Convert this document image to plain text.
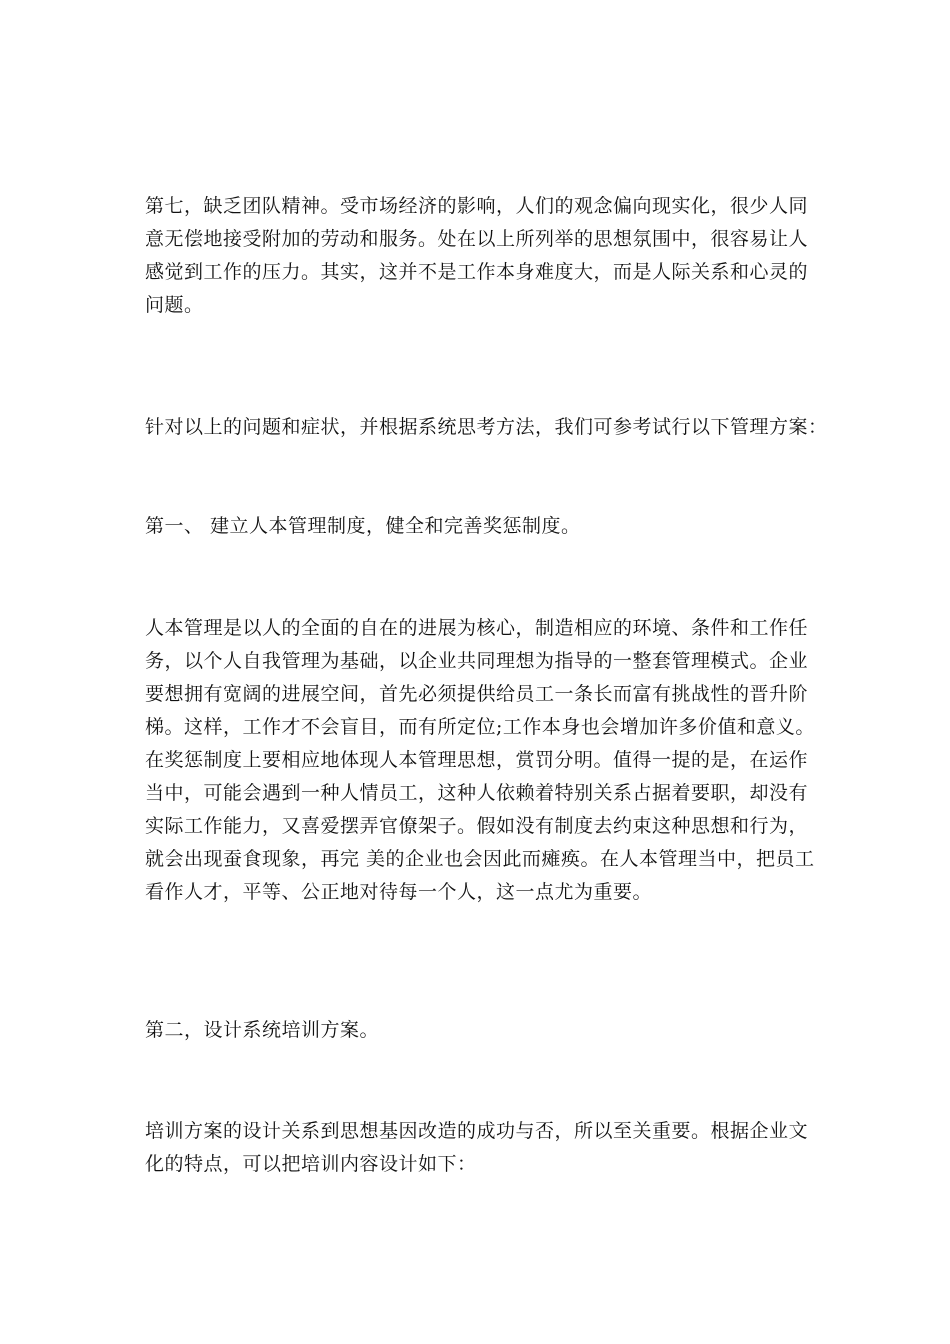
第七，缺乏团队精神。受市场经济的影响，人们的观念偏向现实化，很少人同
意无偿地接受附加的劳动和服务。处在以上所列举的思想氛围中，很容易让人
感觉到工作的压力。其实，这并不是工作本身难度大，而是人际关系和心灵的
问题。

针对以上的问题和症状，并根据系统思考方法，我们可参考试行以下管理方案：

第一、 建立人本管理制度，健全和完善奖惩制度。

人本管理是以人的全面的自在的进展为核心，制造相应的环境、条件和工作任
务，以个人自我管理为基础，以企业共同理想为指导的一整套管理模式。企业
要想拥有宽阔的进展空间，首先必须提供给员工一条长而富有挑战性的晋升阶
梯。这样，工作才不会盲目，而有所定位;工作本身也会增加许多价值和意义。
在奖惩制度上要相应地体现人本管理思想，赏罚分明。值得一提的是，在运作
当中，可能会遇到一种人情员工，这种人依赖着特别关系占据着要职，却没有
实际工作能力，又喜爱摆弄官僚架子。假如没有制度去约束这种思想和行为，
就会出现蚕食现象，再完 美的企业也会因此而瘫痪。在人本管理当中，把员工
看作人才，平等、公正地对待每一个人，这一点尤为重要。

第二，设计系统培训方案。

培训方案的设计关系到思想基因改造的成功与否，所以至关重要。根据企业文
化的特点，可以把培训内容设计如下：
